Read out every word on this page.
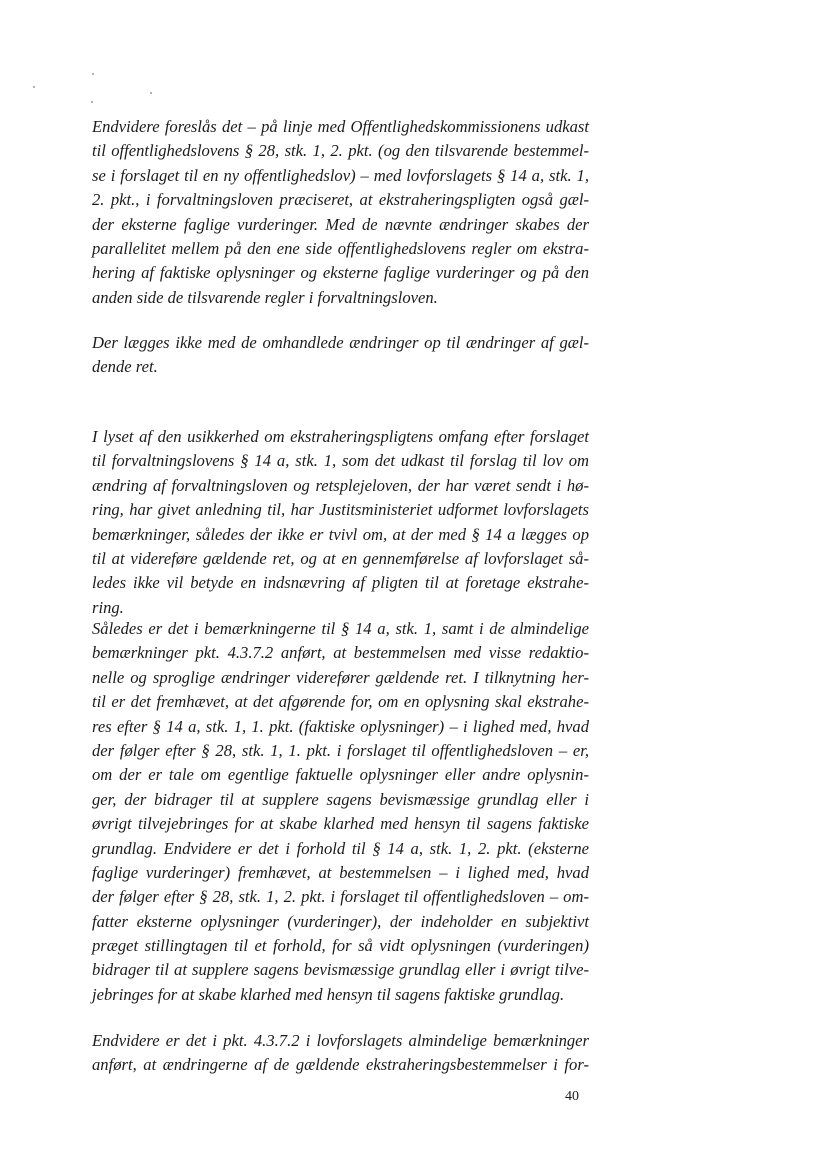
Endvidere foreslås det – på linje med Offentlighedskommissionens udkast
til offentlighedslovens § 28, stk. 1, 2. pkt. (og den tilsvarende bestemmel-
se i forslaget til en ny offentlighedslov) – med lovforslagets § 14 a, stk. 1,
2. pkt., i forvaltningsloven præciseret, at ekstraheringspligten også gæl-
der eksterne faglige vurderinger. Med de nævnte ændringer skabes der
parallelitet mellem på den ene side offentlighedslovens regler om ekstra-
hering af faktiske oplysninger og eksterne faglige vurderinger og på den
anden side de tilsvarende regler i forvaltningsloven.
Der lægges ikke med de omhandlede ændringer op til ændringer af gæl-
dende ret.
I lyset af den usikkerhed om ekstraheringspligtens omfang efter forslaget
til forvaltningslovens § 14 a, stk. 1, som det udkast til forslag til lov om
ændring af forvaltningsloven og retsplejeloven, der har været sendt i hø-
ring, har givet anledning til, har Justitsministeriet udformet lovforslagets
bemærkninger, således der ikke er tvivl om, at der med § 14 a lægges op
til at videreføre gældende ret, og at en gennemførelse af lovforslaget så-
ledes ikke vil betyde en indsnævring af pligten til at foretage ekstrahe-
ring.
Således er det i bemærkningerne til § 14 a, stk. 1, samt i de almindelige
bemærkninger pkt. 4.3.7.2 anført, at bestemmelsen med visse redaktio-
nelle og sproglige ændringer viderefører gældende ret. I tilknytning her-
til er det fremhævet, at det afgørende for, om en oplysning skal ekstrahe-
res efter § 14 a, stk. 1, 1. pkt. (faktiske oplysninger) – i lighed med, hvad
der følger efter § 28, stk. 1, 1. pkt. i forslaget til offentlighedsloven – er,
om der er tale om egentlige faktuelle oplysninger eller andre oplysnin-
ger, der bidrager til at supplere sagens bevismæssige grundlag eller i
øvrigt tilvejebringes for at skabe klarhed med hensyn til sagens faktiske
grundlag. Endvidere er det i forhold til § 14 a, stk. 1, 2. pkt. (eksterne
faglige vurderinger) fremhævet, at bestemmelsen – i lighed med, hvad
der følger efter § 28, stk. 1, 2. pkt. i forslaget til offentlighedsloven – om-
fatter eksterne oplysninger (vurderinger), der indeholder en subjektivt
præget stillingtagen til et forhold, for så vidt oplysningen (vurderingen)
bidrager til at supplere sagens bevismæssige grundlag eller i øvrigt tilve-
jebringes for at skabe klarhed med hensyn til sagens faktiske grundlag.
Endvidere er det i pkt. 4.3.7.2 i lovforslagets almindelige bemærkninger
anført, at ændringerne af de gældende ekstraheringsbestemmelser i for-
40
